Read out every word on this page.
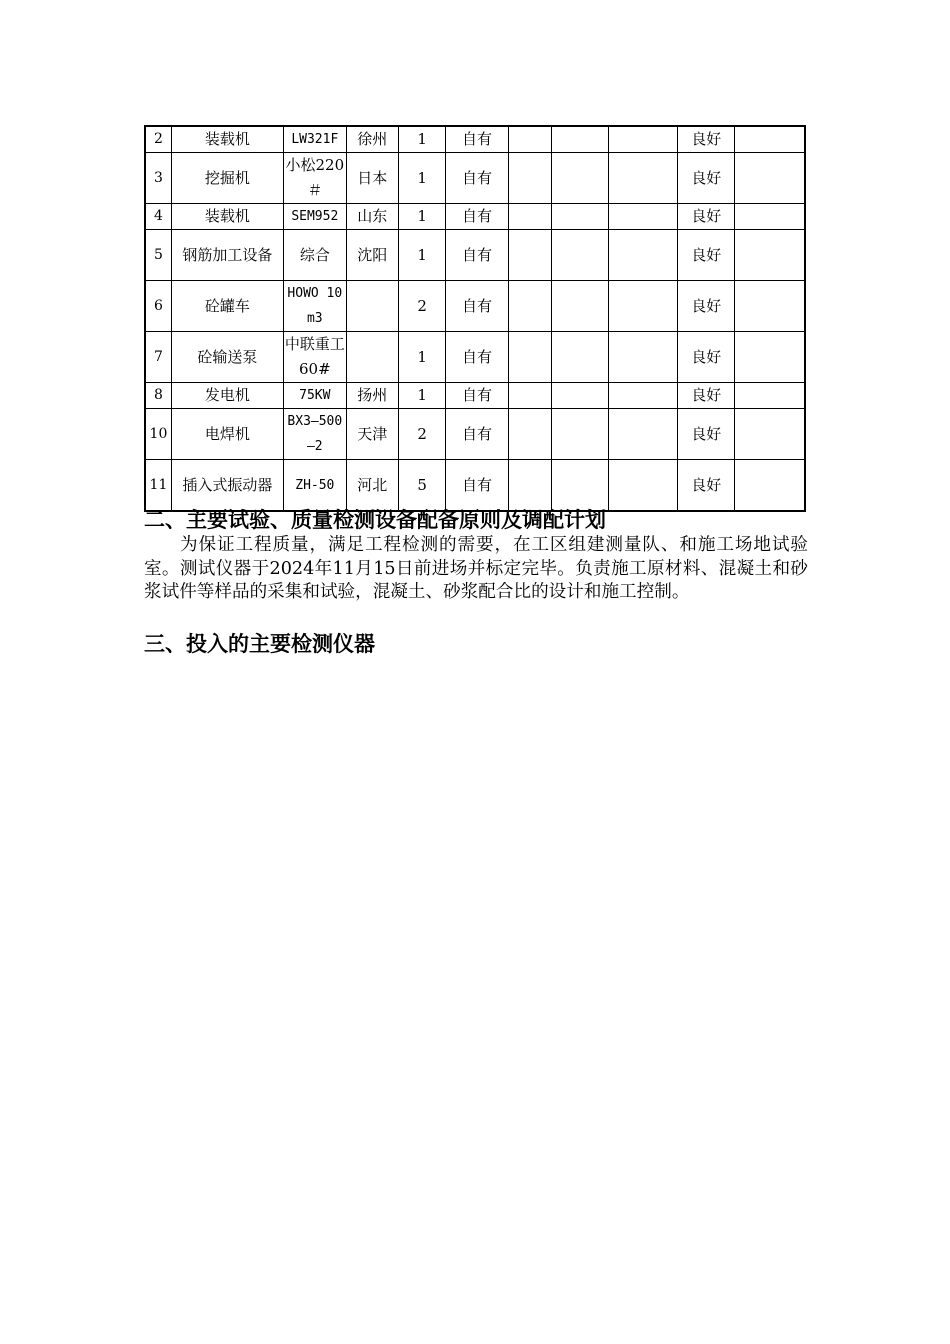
2	装载机	LW321F	徐州	1	自有				良好	
3	挖掘机	小松220＃	日本	1	自有				良好	
4	装载机	SEM952	山东	1	自有				良好	
5	钢筋加工设备	综合	沈阳	1	自有				良好	
6	砼罐车	HOWO 10m3		2	自有				良好	
7	砼输送泵	中联重工60#		1	自有				良好	
8	发电机	75KW	扬州	1	自有				良好	
10	电焊机	BX3—500—2	天津	2	自有				良好	
11	插入式振动器	ZH-50	河北	5	自有				良好	
二、主要试验、质量检测设备配备原则及调配计划

为保证工程质量，满足工程检测的需要，在工区组建测量队、和施工场地试验室。测试仪器于2024年11月15日前进场并标定完毕。负责施工原材料、混凝土和砂浆试件等样品的采集和试验，混凝土、砂浆配合比的设计和施工控制。

三、投入的主要检测仪器
